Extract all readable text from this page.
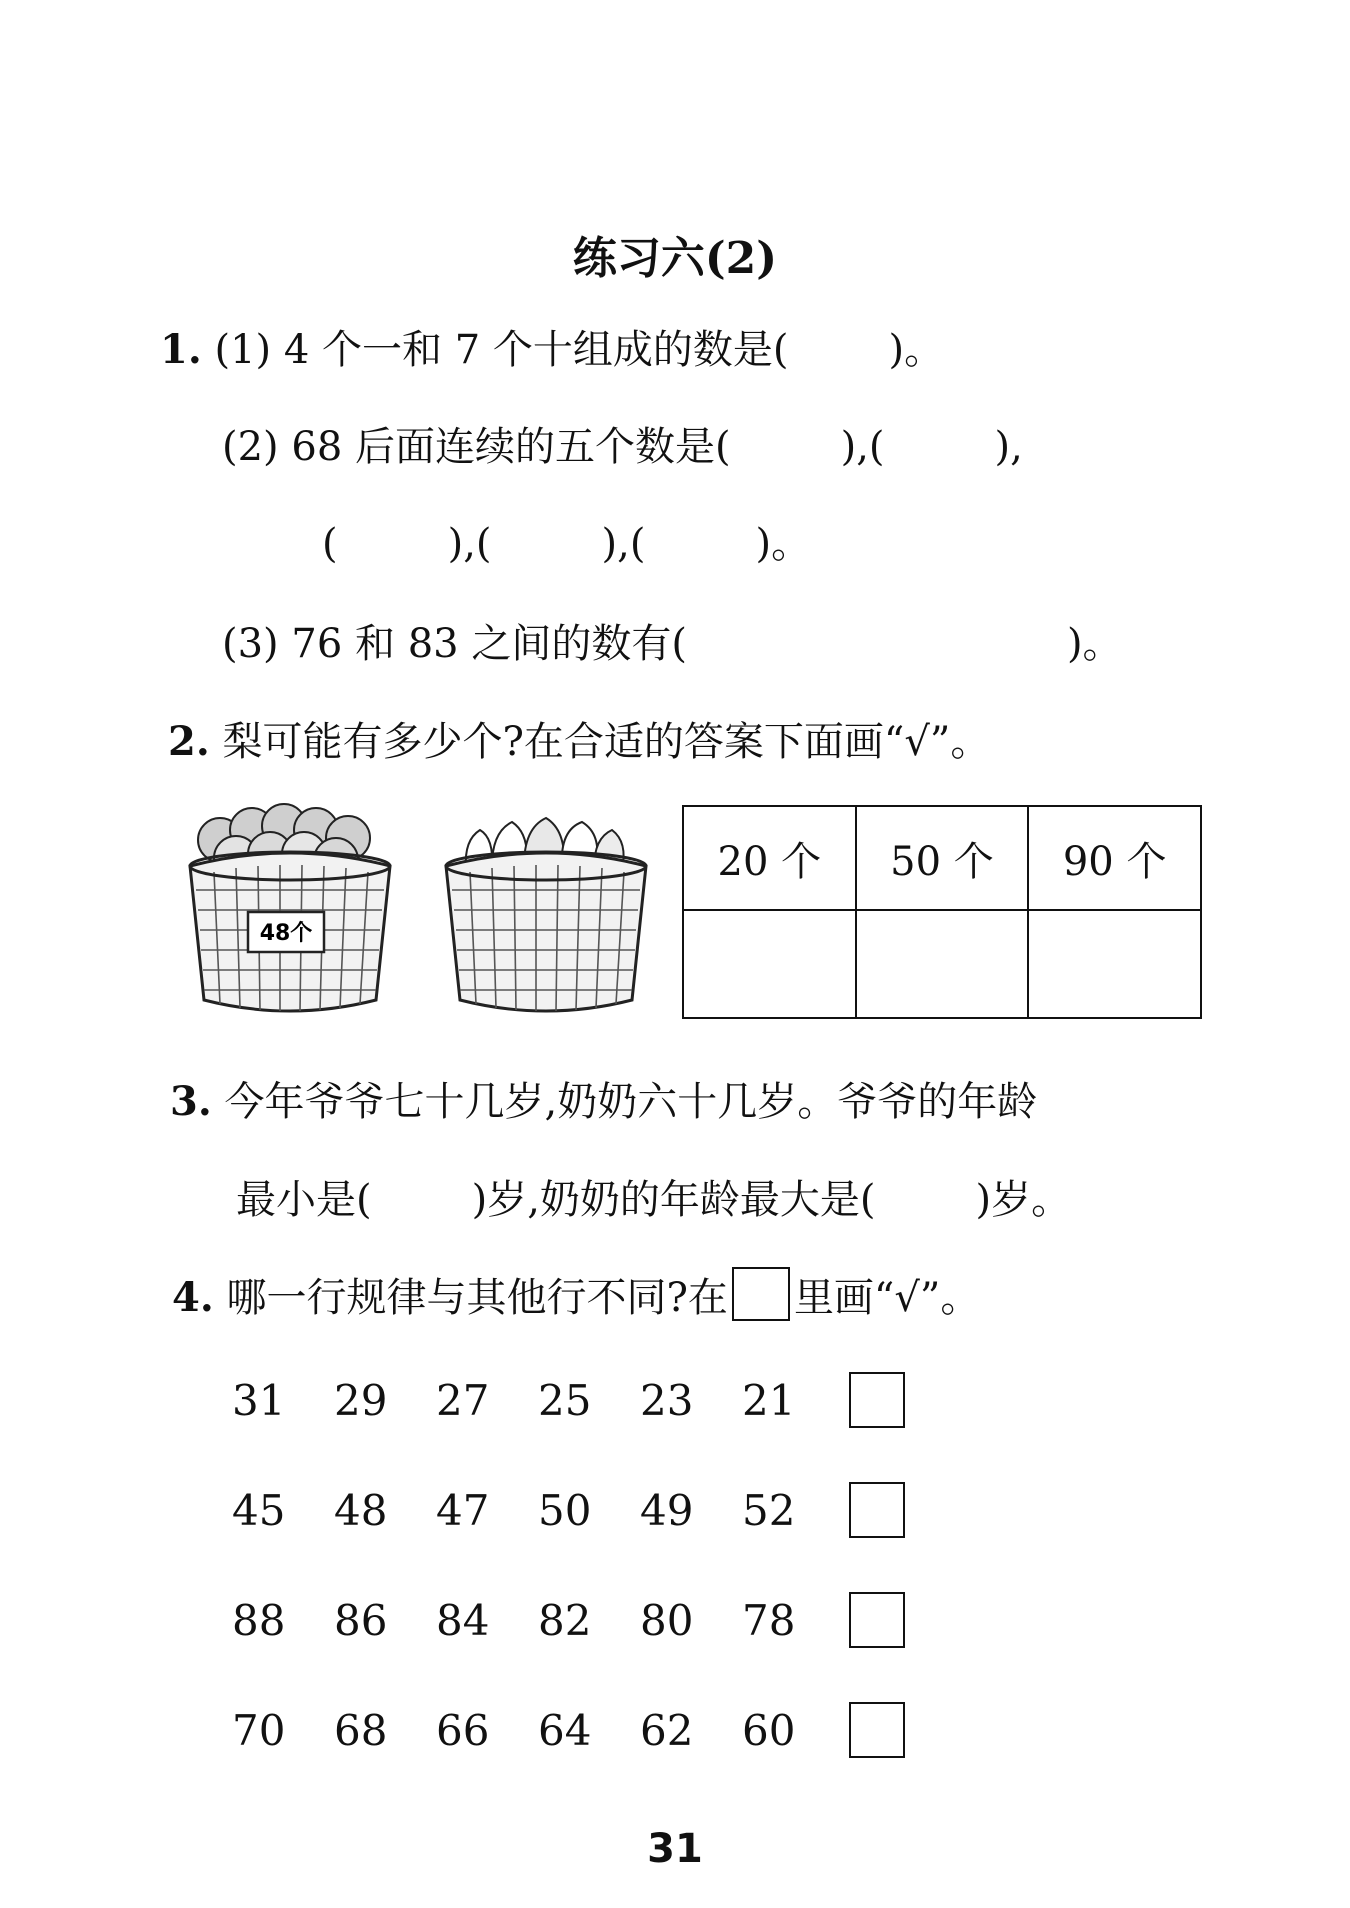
练习六(2)
1. (1) 4 个一和 7 个十组成的数是(	)。
(2) 68 后面连续的五个数是(	),(	),
(	),(	),(	)。
(3) 76 和 83 之间的数有(	)。
2. 梨可能有多少个?在合适的答案下面画“√”。
48个
20 个	50 个	90 个

3. 今年爷爷七十几岁,奶奶六十几岁。爷爷的年龄
最小是(	)岁,奶奶的年龄最大是(	)岁。
4. 哪一行规律与其他行不同?在 里画“√”。
31 29 27 25 23 21
45 48 47 50 49 52
88 86 84 82 80 78
70 68 66 64 62 60
31
